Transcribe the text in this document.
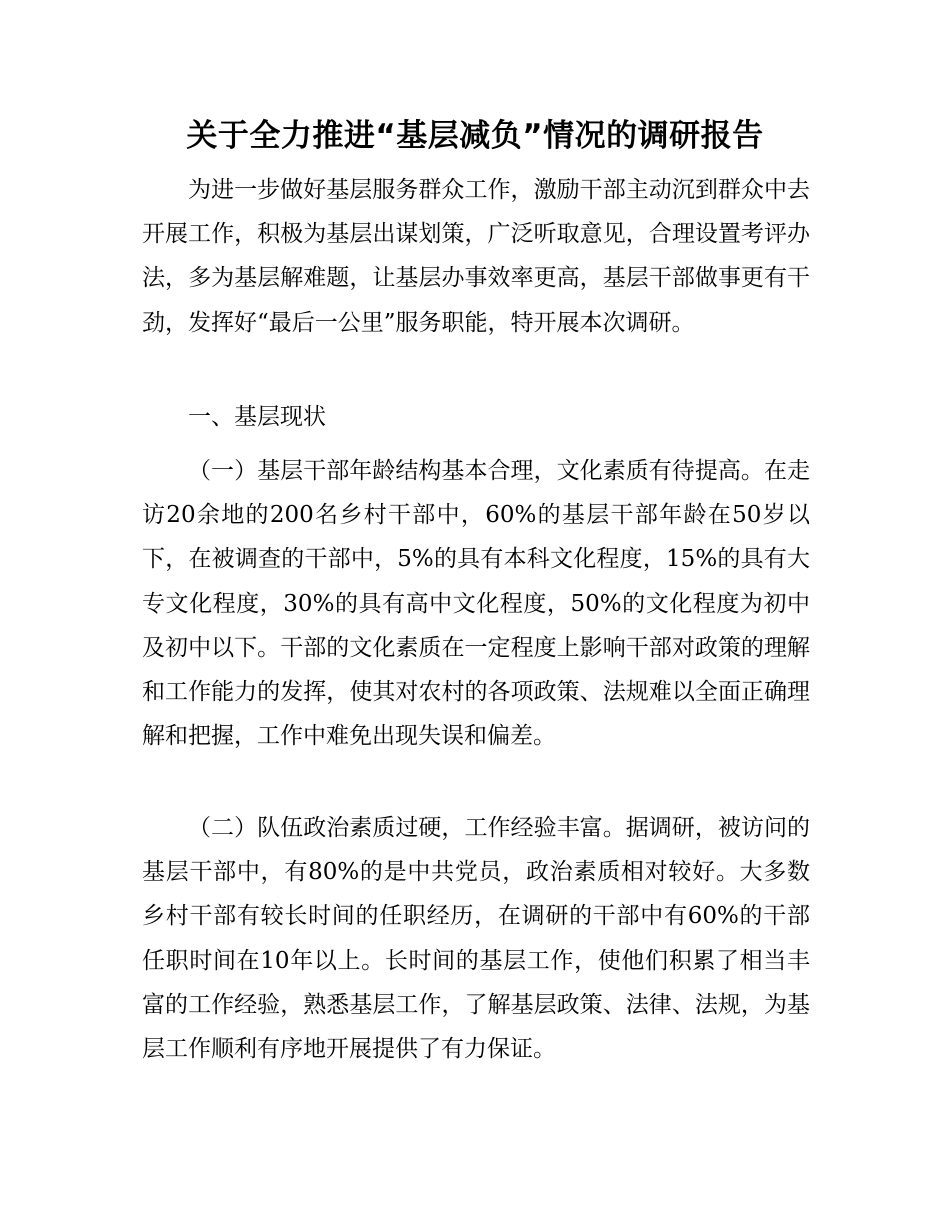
关于全力推进“基层减负”情况的调研报告

为进一步做好基层服务群众工作，激励干部主动沉到群众中去开展工作，积极为基层出谋划策，广泛听取意见，合理设置考评办法，多为基层解难题，让基层办事效率更高，基层干部做事更有干劲，发挥好“最后一公里”服务职能，特开展本次调研。

一、基层现状

（一）基层干部年龄结构基本合理，文化素质有待提高。在走访20余地的200名乡村干部中，60%的基层干部年龄在50岁以下，在被调查的干部中，5%的具有本科文化程度，15%的具有大专文化程度，30%的具有高中文化程度，50%的文化程度为初中及初中以下。干部的文化素质在一定程度上影响干部对政策的理解和工作能力的发挥，使其对农村的各项政策、法规难以全面正确理解和把握，工作中难免出现失误和偏差。

（二）队伍政治素质过硬，工作经验丰富。据调研，被访问的基层干部中，有80%的是中共党员，政治素质相对较好。大多数乡村干部有较长时间的任职经历，在调研的干部中有60%的干部任职时间在10年以上。长时间的基层工作，使他们积累了相当丰富的工作经验，熟悉基层工作，了解基层政策、法律、法规，为基层工作顺利有序地开展提供了有力保证。
